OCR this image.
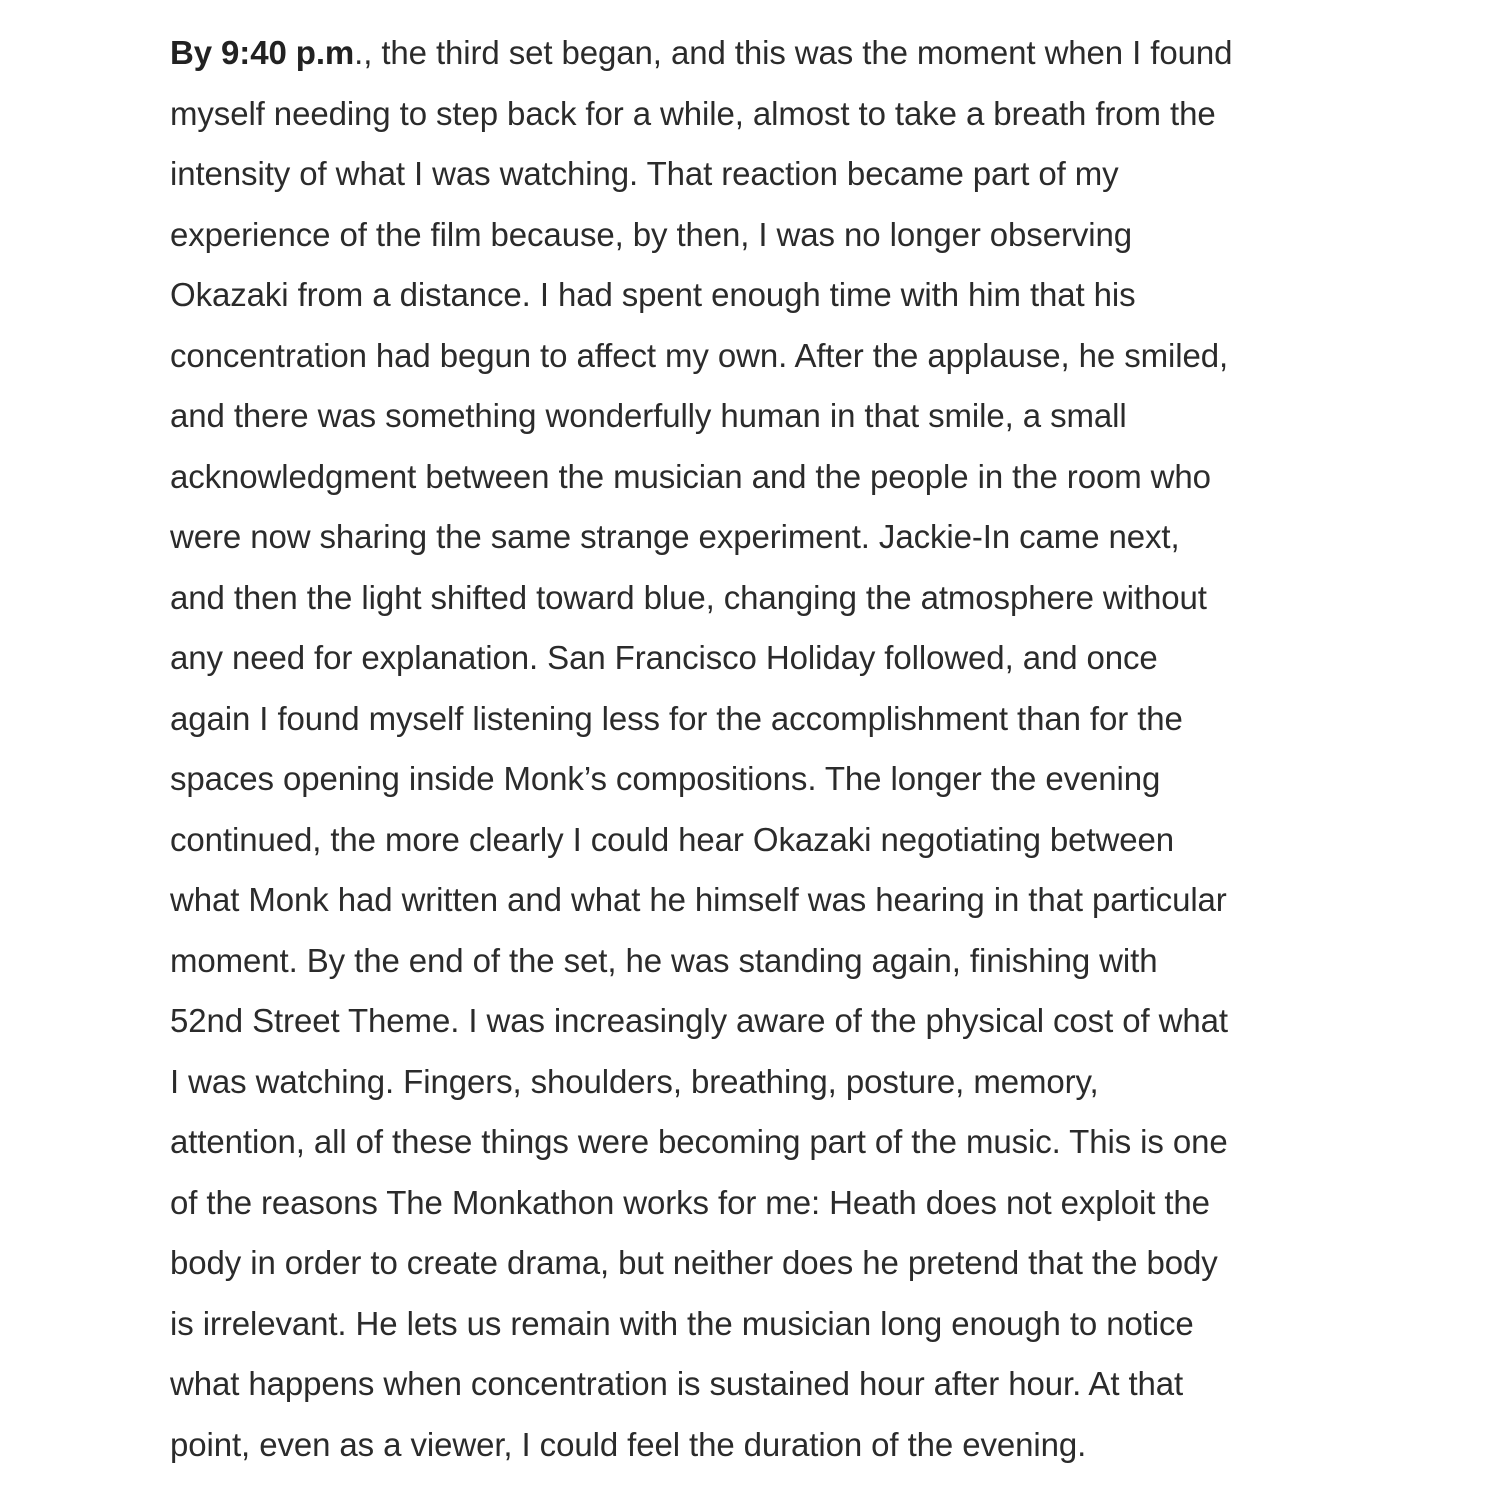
By 9:40 p.m., the third set began, and this was the moment when I found
myself needing to step back for a while, almost to take a breath from the
intensity of what I was watching. That reaction became part of my
experience of the film because, by then, I was no longer observing
Okazaki from a distance. I had spent enough time with him that his
concentration had begun to affect my own. After the applause, he smiled,
and there was something wonderfully human in that smile, a small
acknowledgment between the musician and the people in the room who
were now sharing the same strange experiment. Jackie-In came next,
and then the light shifted toward blue, changing the atmosphere without
any need for explanation. San Francisco Holiday followed, and once
again I found myself listening less for the accomplishment than for the
spaces opening inside Monk’s compositions. The longer the evening
continued, the more clearly I could hear Okazaki negotiating between
what Monk had written and what he himself was hearing in that particular
moment. By the end of the set, he was standing again, finishing with
52nd Street Theme. I was increasingly aware of the physical cost of what
I was watching. Fingers, shoulders, breathing, posture, memory,
attention, all of these things were becoming part of the music. This is one
of the reasons The Monkathon works for me: Heath does not exploit the
body in order to create drama, but neither does he pretend that the body
is irrelevant. He lets us remain with the musician long enough to notice
what happens when concentration is sustained hour after hour. At that
point, even as a viewer, I could feel the duration of the evening.
